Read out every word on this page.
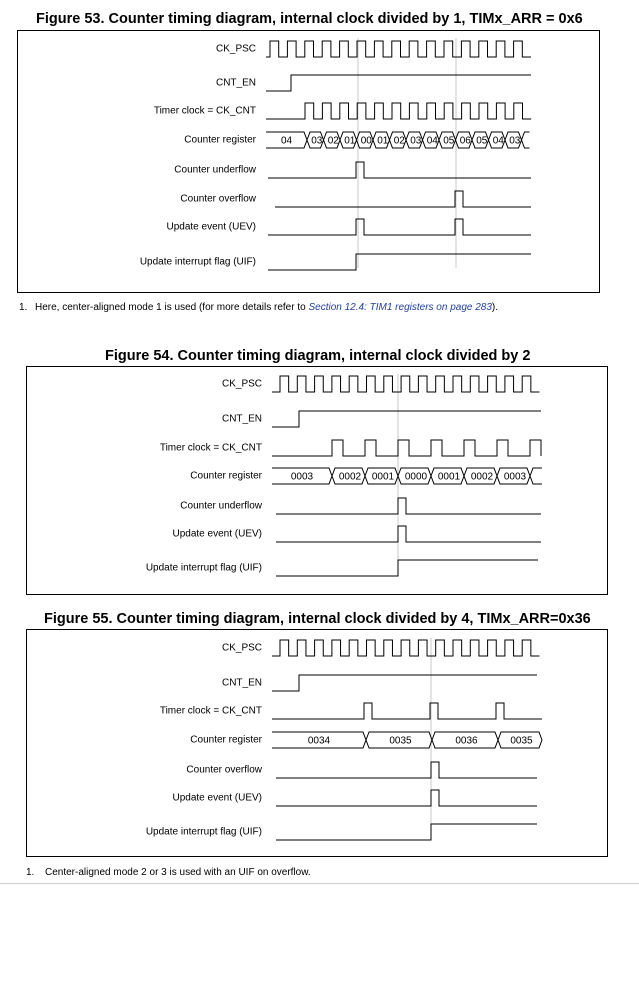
Figure 53. Counter timing diagram, internal clock divided by 1, TIMx_ARR = 0x6
CK_PSC
CNT_EN
Timer clock = CK_CNT
Counter register
Counter underflow
Counter overflow
Update event (UEV)
Update interrupt flag (UIF)
04 03 02 01 00 01 02 03 04 05 06 05 04 03
1. Here, center-aligned mode 1 is used (for more details refer to Section 12.4: TIM1 registers on page 283).
Figure 54. Counter timing diagram, internal clock divided by 2
CK_PSC
CNT_EN
Timer clock = CK_CNT
Counter register
Counter underflow
Update event (UEV)
Update interrupt flag (UIF)
0003	0002 0001 0000 0001 0002 0003
Figure 55. Counter timing diagram, internal clock divided by 4, TIMx_ARR=0x36
CK_PSC
CNT_EN
Timer clock = CK_CNT
Counter register
Counter overflow
Update event (UEV)
Update interrupt flag (UIF)
0034	0035	0036	0035
1. Center-aligned mode 2 or 3 is used with an UIF on overflow.
